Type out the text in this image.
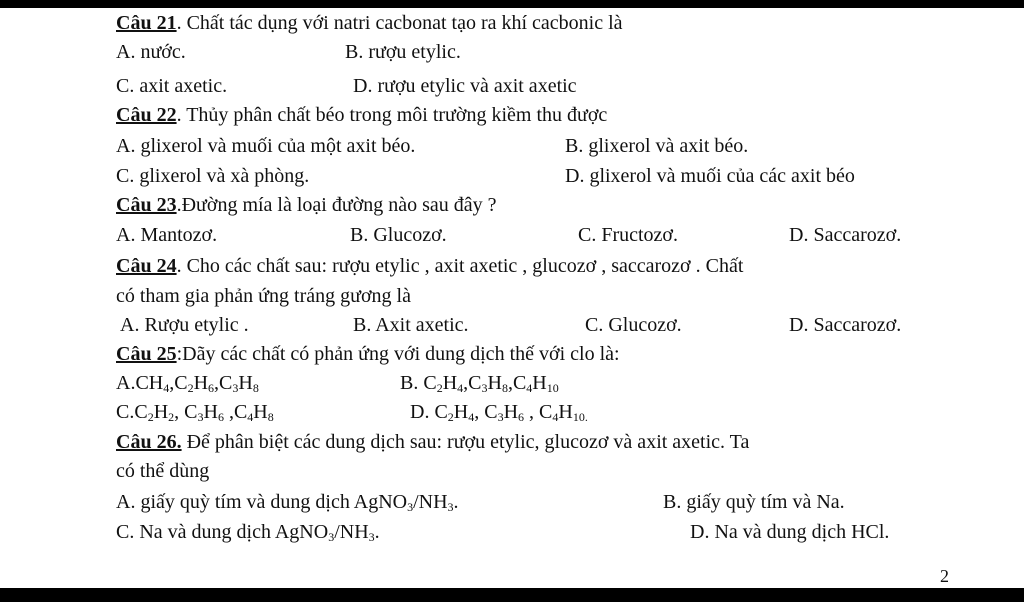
Câu 21. Chất tác dụng với natri cacbonat tạo ra khí cacbonic là
A. nước.	B. rượu etylic.
C. axit axetic.	D. rượu etylic và axit axetic
Câu 22. Thủy phân chất béo trong môi trường kiềm thu được
A. glixerol và muối của một axit béo.	B. glixerol và axit béo.
C. glixerol và xà phòng.	D. glixerol và muối của các axit béo
Câu 23.Đường mía là loại đường nào sau đây ?
A. Mantozơ.	B. Glucozơ.	C. Fructozơ.	D. Saccarozơ.
Câu 24. Cho các chất sau: rượu etylic , axit axetic , glucozơ , saccarozơ . Chất
có tham gia phản ứng tráng gương là
A. Rượu etylic .	B. Axit axetic.	C. Glucozơ.	D. Saccarozơ.
Câu 25:Dãy các chất có phản ứng với dung dịch thế với clo là:
$A.CH_4,C_2H_6,C_3H_8$	B. $C_2H_4,C_3H_8,C_4H_{10}$
$C.C_2H_2$, $C_3H_6$ $,C_4H_8$	D. $C_2H_4$, $C_3H_6$ , $C_4H_{10.}$
Câu 26. Để phân biệt các dung dịch sau: rượu etylic, glucozơ và axit axetic. Ta
có thể dùng
A. giấy quỳ tím và dung dịch $AgNO_3/NH_3$.	B. giấy quỳ tím và Na.
C. Na và dung dịch $AgNO_3/NH_3$.	D. Na và dung dịch HCl.
2
